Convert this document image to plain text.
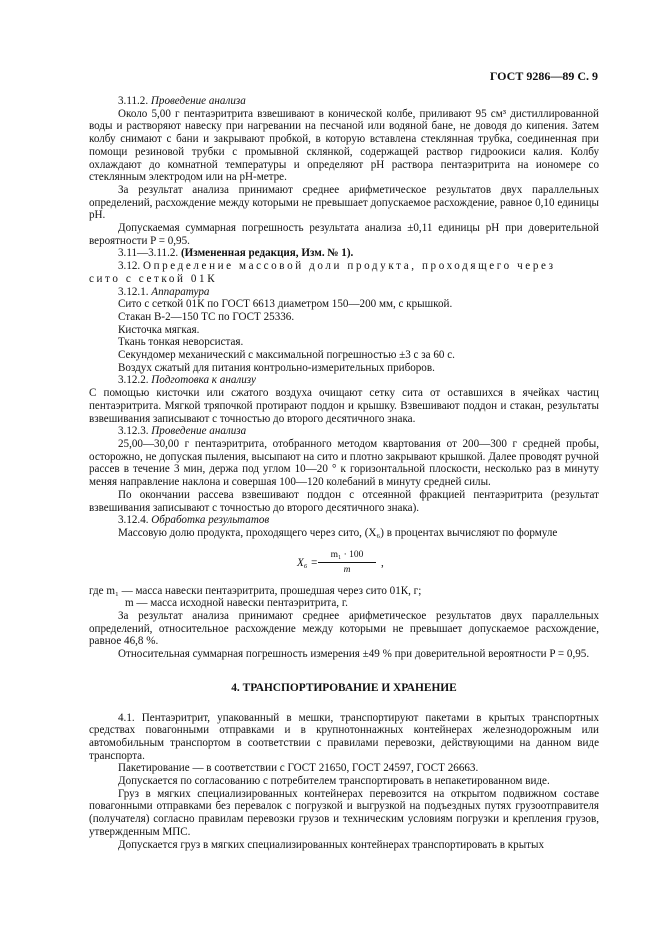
ГОСТ 9286—89 С. 9

3.11.2. Проведение анализа

Около 5,00 г пентаэритрита взвешивают в конической колбе, приливают 95 см³ дистиллированной воды и растворяют навеску при нагревании на песчаной или водяной бане, не доводя до кипения. Затем колбу снимают с бани и закрывают пробкой, в которую вставлена стеклянная трубка, соединенная при помощи резиновой трубки с промывной склянкой, содержащей раствор гидроокиси калия. Колбу охлаждают до комнатной температуры и определяют pH раствора пентаэритрита на иономере со стеклянным электродом или на pH-метре.

За результат анализа принимают среднее арифметическое результатов двух параллельных определений, расхождение между которыми не превышает допускаемое расхождение, равное 0,10 единицы pH.

Допускаемая суммарная погрешность результата анализа ±0,11 единицы pH при доверительной вероятности P = 0,95.

3.11—3.11.2. (Измененная редакция, Изм. № 1).

3.12. Определение массовой доли продукта, проходящего через

сито с сеткой 01К

3.12.1. Аппаратура

Сито с сеткой 01К по ГОСТ 6613 диаметром 150—200 мм, с крышкой.

Стакан В-2—150 ТС по ГОСТ 25336.

Кисточка мягкая.

Ткань тонкая неворсистая.

Секундомер механический с максимальной погрешностью ±3 с за 60 с.

Воздух сжатый для питания контрольно-измерительных приборов.

3.12.2. Подготовка к анализу

С помощью кисточки или сжатого воздуха очищают сетку сита от оставшихся в ячейках частиц пентаэритрита. Мягкой тряпочкой протирают поддон и крышку. Взвешивают поддон и стакан, результаты взвешивания записывают с точностью до второго десятичного знака.

3.12.3. Проведение анализа

25,00—30,00 г пентаэритрита, отобранного методом квартования от 200—300 г средней пробы, осторожно, не допуская пыления, высыпают на сито и плотно закрывают крышкой. Далее проводят ручной рассев в течение 3 мин, держа под углом 10—20 ° к горизонтальной плоскости, несколько раз в минуту меняя направление наклона и совершая 100—120 колебаний в минуту средней силы.

По окончании рассева взвешивают поддон с отсеянной фракцией пентаэритрита (результат взвешивания записывают с точностью до второго десятичного знака).

3.12.4. Обработка результатов

Массовую долю продукта, проходящего через сито, (X₆) в процентах вычисляют по формуле

$X_6 = \frac{\text{m₁ · 100}}{m}$ ,

где m₁ — масса навески пентаэритрита, прошедшая через сито 01К, г;

m — масса исходной навески пентаэритрита, г.

За результат анализа принимают среднее арифметическое результатов двух параллельных определений, относительное расхождение между которыми не превышает допускаемое расхождение, равное 46,8 %.

Относительная суммарная погрешность измерения ±49 % при доверительной вероятности P = 0,95.

4. ТРАНСПОРТИРОВАНИЕ И ХРАНЕНИЕ

4.1. Пентаэритрит, упакованный в мешки, транспортируют пакетами в крытых транспортных средствах повагонными отправками и в крупнотоннажных контейнерах железнодорожным или автомобильным транспортом в соответствии с правилами перевозки, действующими на данном виде транспорта.

Пакетирование — в соответствии с ГОСТ 21650, ГОСТ 24597, ГОСТ 26663.

Допускается по согласованию с потребителем транспортировать в непакетированном виде.

Груз в мягких специализированных контейнерах перевозится на открытом подвижном составе повагонными отправками без перевалок с погрузкой и выгрузкой на подъездных путях грузоотправителя (получателя) согласно правилам перевозки грузов и техническим условиям погрузки и крепления грузов, утвержденным МПС.

Допускается груз в мягких специализированных контейнерах транспортировать в крытых
